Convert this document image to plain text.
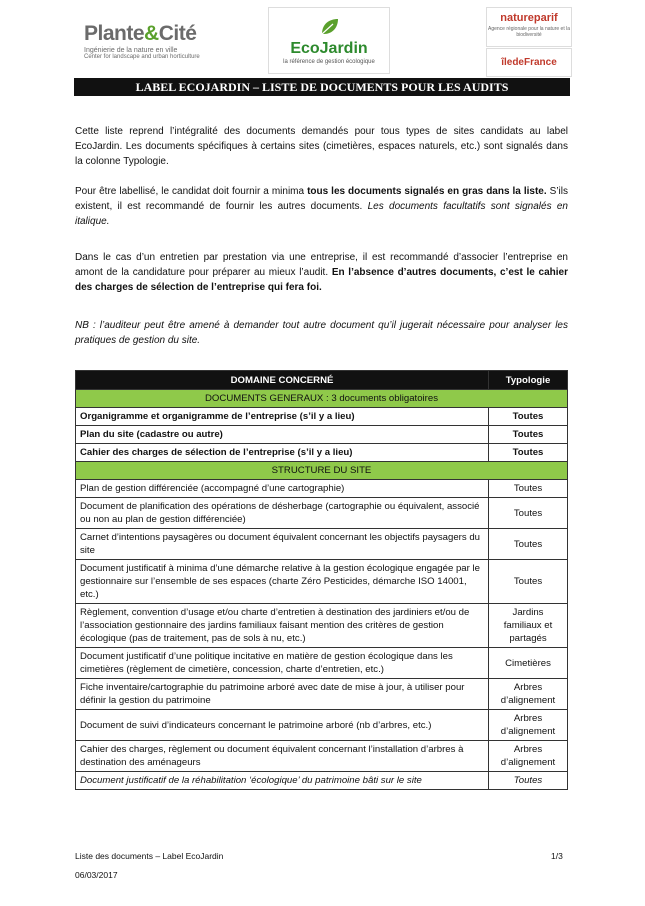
Plante&Cité
Ingénierie de la nature en ville
Center for landscape and urban horticulture	EcoJardin
la référence de gestion écologique
natureparif
Agence régionale pour la nature et la biodiversité
îledeFrance
LABEL ECOJARDIN – LISTE DE DOCUMENTS POUR LES AUDITS
Cette liste reprend l’intégralité des documents demandés pour tous types de sites candidats au label EcoJardin. Les documents spécifiques à certains sites (cimetières, espaces naturels, etc.) sont signalés dans la colonne Typologie.
Pour être labellisé, le candidat doit fournir a minima tous les documents signalés en gras dans la liste. S’ils existent, il est recommandé de fournir les autres documents. Les documents facultatifs sont signalés en italique.
Dans le cas d’un entretien par prestation via une entreprise, il est recommandé d’associer l’entreprise en amont de la candidature pour préparer au mieux l’audit. En l’absence d’autres documents, c’est le cahier des charges de sélection de l’entreprise qui fera foi.
NB : l’auditeur peut être amené à demander tout autre document qu’il jugerait nécessaire pour analyser les pratiques de gestion du site.
DOMAINE CONCERNÉ	Typologie
DOCUMENTS GENERAUX : 3 documents obligatoires	
Organigramme et organigramme de l’entreprise (s’il y a lieu)	Toutes
Plan du site (cadastre ou autre)	Toutes
Cahier des charges de sélection de l’entreprise (s’il y a lieu)	Toutes
STRUCTURE DU SITE	
Plan de gestion différenciée (accompagné d’une cartographie)	Toutes
Document de planification des opérations de désherbage (cartographie ou équivalent, associé ou non au plan de gestion différenciée)	Toutes
Carnet d’intentions paysagères ou document équivalent concernant les objectifs paysagers du site	Toutes
Document justificatif à minima d’une démarche relative à la gestion écologique engagée par le gestionnaire sur l’ensemble de ses espaces (charte Zéro Pesticides, démarche ISO 14001, etc.)	Toutes
Règlement, convention d’usage et/ou charte d’entretien à destination des jardiniers et/ou de l’association gestionnaire des jardins familiaux faisant mention des critères de gestion écologique (pas de traitement, pas de sols à nu, etc.)	Jardins familiaux et partagés
Document justificatif d’une politique incitative en matière de gestion écologique dans les cimetières (règlement de cimetière, concession, charte d’entretien, etc.)	Cimetières
Fiche inventaire/cartographie du patrimoine arboré avec date de mise à jour, à utiliser pour définir la gestion du patrimoine	Arbres d’alignement
Document de suivi d’indicateurs concernant le patrimoine arboré (nb d’arbres, etc.)	Arbres d’alignement
Cahier des charges, règlement ou document équivalent concernant l’installation d’arbres à destination des aménageurs	Arbres d’alignement
Document justificatif de la réhabilitation ‘écologique’ du patrimoine bâti sur le site	Toutes
Liste des documents – Label EcoJardin
06/03/2017
1/3
